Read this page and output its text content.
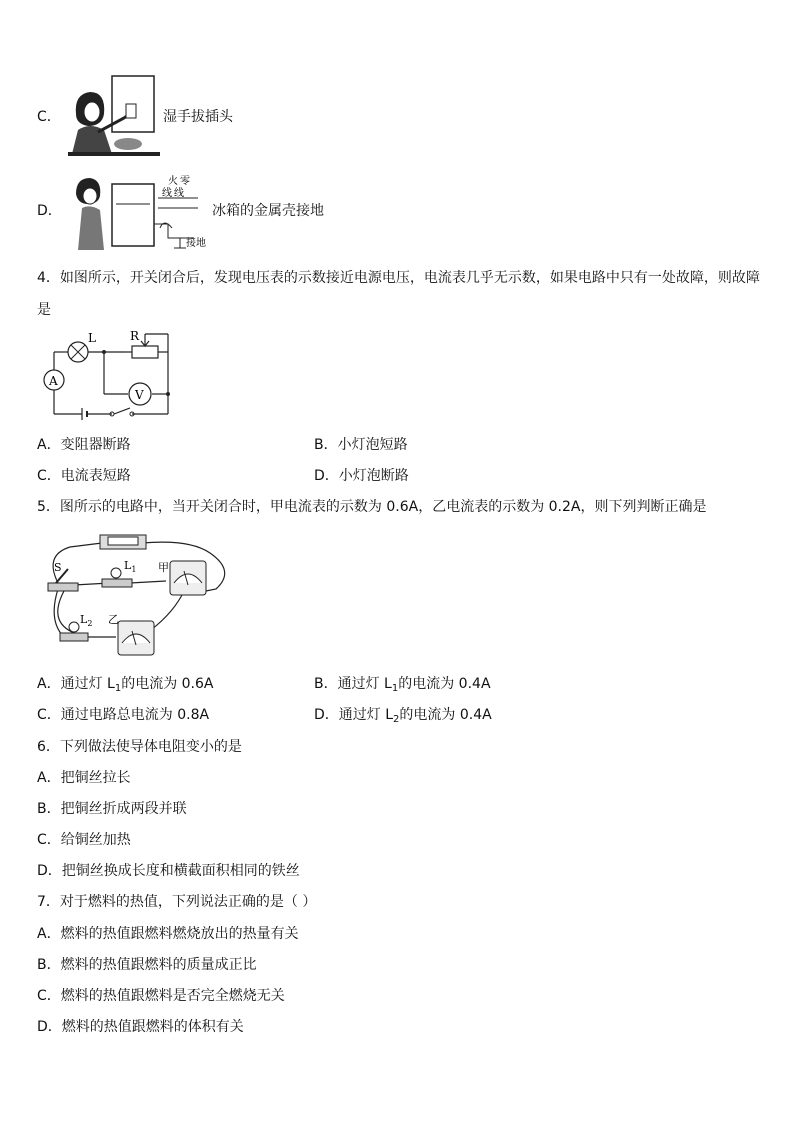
C．	湿手拔插头
D．
火 零
线 线
接地
冰箱的金属壳接地
4．如图所示，开关闭合后，发现电压表的示数接近电源电压，电流表几乎无示数，如果电路中只有一处故障，则故障
是
L	R
A
V
A．变阻器断路	B．小灯泡短路
C．电流表短路	D．小灯泡断路
5．图所示的电路中，当开关闭合时，甲电流表的示数为 0.6A，乙电流表的示数为 0.2A，则下列判断正确是
S	$L_1$
$L_2$
甲
乙
A．通过灯 $L_1$的电流为 0.6A	B．通过灯 $L_1$的电流为 0.4A
C．通过电路总电流为 0.8A	D．通过灯 $L_2$的电流为 0.4A
6．下列做法使导体电阻变小的是
A．把铜丝拉长
B．把铜丝折成两段并联
C．给铜丝加热
D．把铜丝换成长度和横截面积相同的铁丝
7．对于燃料的热值，下列说法正确的是（ ）
A．燃料的热值跟燃料燃烧放出的热量有关
B．燃料的热值跟燃料的质量成正比
C．燃料的热值跟燃料是否完全燃烧无关
D．燃料的热值跟燃料的体积有关
